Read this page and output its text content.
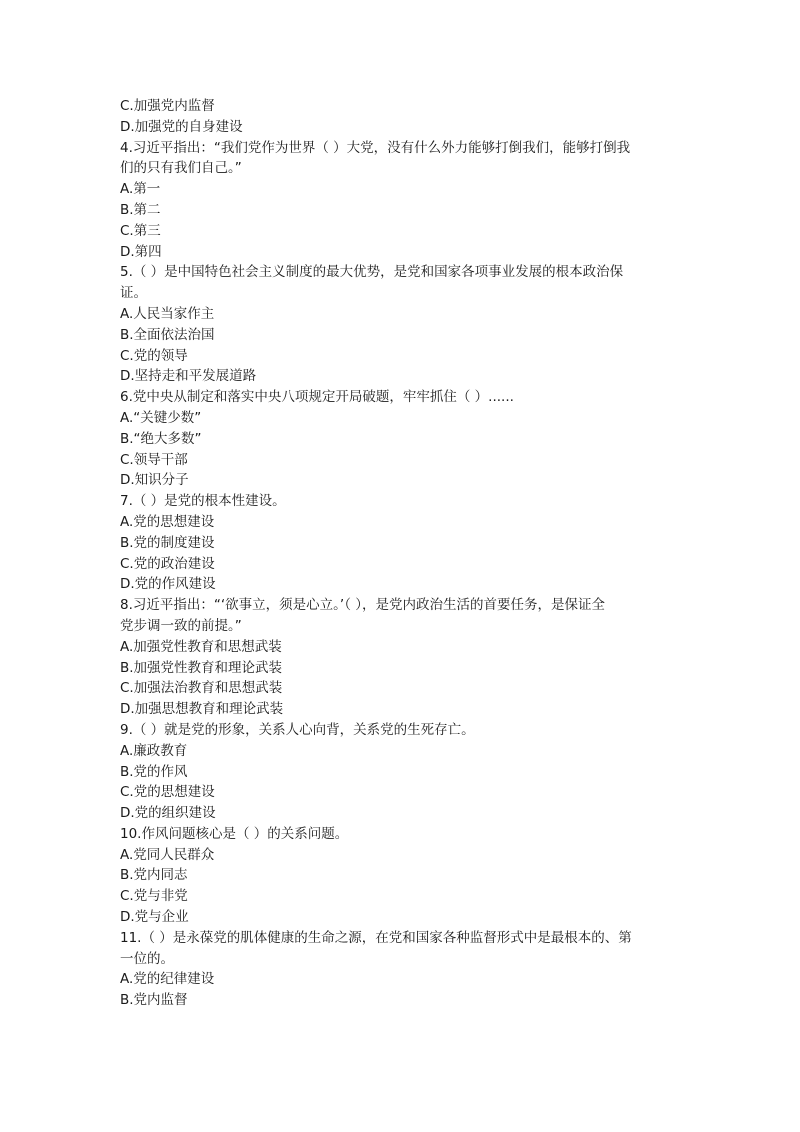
C.加强党内监督
D.加强党的自身建设
4.习近平指出：“我们党作为世界（ ）大党，没有什么外力能够打倒我们，能够打倒我
们的只有我们自己。”
A.第一
B.第二
C.第三
D.第四
5.（ ）是中国特色社会主义制度的最大优势，是党和国家各项事业发展的根本政治保
证。
A.人民当家作主
B.全面依法治国
C.党的领导
D.坚持走和平发展道路
6.党中央从制定和落实中央八项规定开局破题，牢牢抓住（ ）......
A.“关键少数”
B.“绝大多数”
C.领导干部
D.知识分子
7.（ ）是党的根本性建设。
A.党的思想建设
B.党的制度建设
C.党的政治建设
D.党的作风建设
8.习近平指出：“‘欲事立，须是心立。’（ ），是党内政治生活的首要任务，是保证全
党步调一致的前提。”
A.加强党性教育和思想武装
B.加强党性教育和理论武装
C.加强法治教育和思想武装
D.加强思想教育和理论武装
9.（ ）就是党的形象，关系人心向背，关系党的生死存亡。
A.廉政教育
B.党的作风
C.党的思想建设
D.党的组织建设
10.作风问题核心是（ ）的关系问题。
A.党同人民群众
B.党内同志
C.党与非党
D.党与企业
11.（ ）是永葆党的肌体健康的生命之源，在党和国家各种监督形式中是最根本的、第
一位的。
A.党的纪律建设
B.党内监督
